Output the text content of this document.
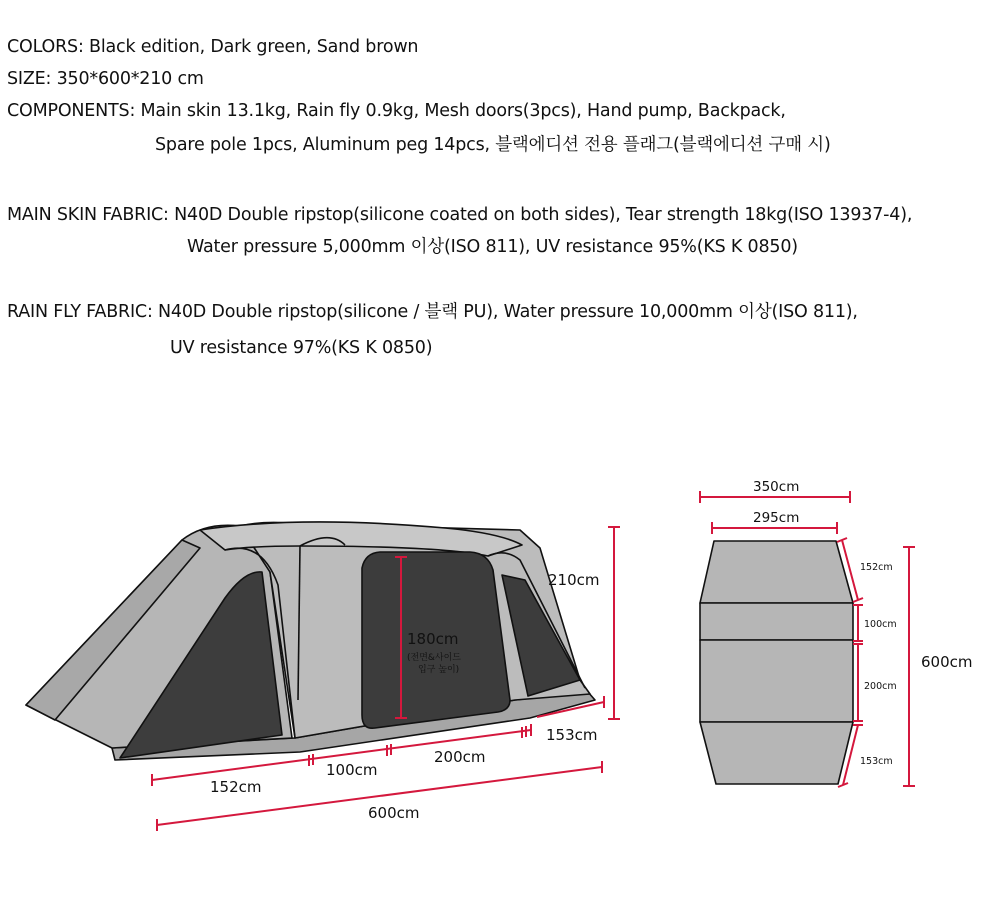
COLORS: Black edition, Dark green, Sand brown

SIZE: 350*600*210 cm

COMPONENTS: Main skin 13.1kg, Rain fly 0.9kg, Mesh doors(3pcs), Hand pump, Backpack,

Spare pole 1pcs, Aluminum peg 14pcs, 블랙에디션 전용 플래그(블랙에디션 구매 시)

MAIN SKIN FABRIC: N40D Double ripstop(silicone coated on both sides), Tear strength 18kg(ISO 13937-4),

Water pressure 5,000mm 이상(ISO 811), UV resistance 95%(KS K 0850)

RAIN FLY FABRIC: N40D Double ripstop(silicone / 블랙 PU), Water pressure 10,000mm 이상(ISO 811),

UV resistance 97%(KS K 0850)
180cm
(전면&사이드
입구 높이)
210cm
152cm
100cm
200cm
153cm
600cm
350cm
295cm
152cm
100cm
200cm
153cm
600cm
